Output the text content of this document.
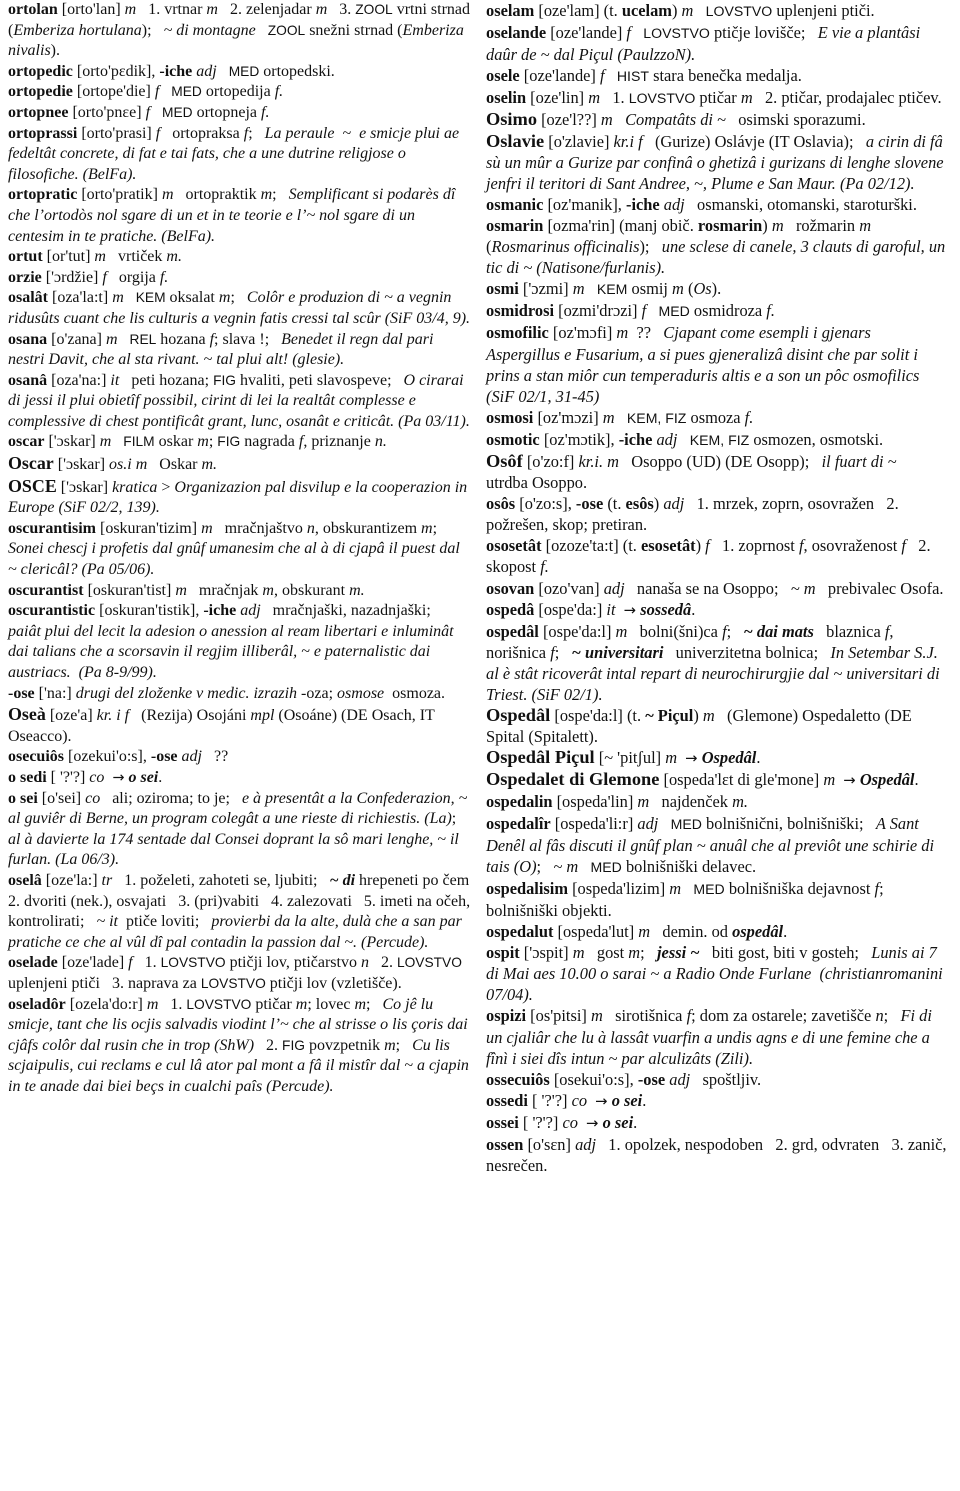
ortolan [orto'lan] m   1. vrtnar m   2. zelenjadar m   3. ZOOL vrtni strnad (Emberiza hortulana);   ~ di montagne ZOOL snežni strnad (Emberiza nivalis).

ortopedic [orto'pɛdik], -iche adj MED ortopedski.

ortopedie [ortope'die] f MED ortopedija f.

ortopnee [orto'pnɛe] f MED ortopneja f.

ortoprassi [orto'prasi] f   ortopraksa f;   La peraule  ~  e smicje plui ae fedeltât concrete, di fat e tai fats, che a une dutrine religjose o filosofiche. (BelFa).

ortopratic [orto'pratik] m   ortopraktik m;   Semplificant si podarès dî che l’ortodòs nol sgare di un et in te teorie e l’~ nol sgare di un centesim in te pratiche. (BelFa).

ortut [or'tut] m   vrtiček m.

orzie ['ɔrdžie] f   orgija f.

osalât [oza'la:t] m KEM oksalat m;   Colôr e produzion di ~ a vegnin ridusûts cuant che lis culturis a vegnin fatis cressi tal scûr (SiF 03/4, 9).

osana [o'zana] m REL hozana f; slava !;   Benedet il regn dal pari nestri Davit, che al sta rivant. ~ tal plui alt! (glesie).

osanâ [oza'na:] it   peti hozana; FIG hvaliti, peti slavospeve;   O cirarai di jessi il plui obietîf possibil, cirint di lei la realtât complesse e complessive di chest pontificât grant, lunc, osanât e criticât. (Pa 03/11).

oscar ['ɔskar] m FILM oskar m; FIG nagrada f, priznanje n.

Oscar ['ɔskar] os.i m   Oskar m.

OSCE ['ɔskar] kratica > Organizazion pal disvilup e la cooperazion in Europe (SiF 02/2, 139).

oscurantisim [oskuran'tizim] m   mračnjaštvo n, obskurantizem m;   Sonei chescj i profetis dal gnûf umanesim che al à di cjapâ il puest dal ~ clericâl? (Pa 05/06).

oscurantist [oskuran'tist] m   mračnjak m, obskurant m.

oscurantistic [oskuran'tistik], -iche adj   mračnjaški, nazadnjaški;   paiât plui del lecit la adesion o anession al ream libertari e inluminât dai talians che a scorsavin il regjim illiberâl, ~ e paternalistic dai austriacs.  (Pa 8-9/99).

-ose ['na:] drugi del zloženke v medic. izrazih -oza; osmose  osmoza.

Oseà [oze'a] kr. i f   (Rezija) Osojáni mpl (Osoáne) (DE Osach, IT Oseacco).

osecuiôs [ozekui'o:s], -ose adj   ??

o sedi [ '?'?] co → o sei.

o sei [o'sei] co   ali; oziroma; to je;   e à presentât a la Confederazion, ~ al guviêr di Berne, un program colegât a une rieste di richiestis. (La);   al à davierte la 174 sentade dal Consei doprant la sô mari lenghe, ~ il furlan. (La 06/3).

oselâ [oze'la:] tr   1. poželeti, zahoteti se, ljubiti;   ~ di hrepeneti po čem   2. dvoriti (nek.), osvajati   3. (pri)vabiti   4. zalezovati   5. imeti na očeh, kontrolirati;   ~ it  ptiče loviti;   provierbi da la alte, dulà che a san par pratiche ce che al vûl dî pal contadin la passion dal ~. (Percude).

oselade [oze'lade] f   1. LOVSTVO ptičji lov, ptičarstvo n   2. LOVSTVO uplenjeni ptiči   3. naprava za LOVSTVO ptičji lov (vzletišče).

oseladôr [ozela'do:r] m   1. LOVSTVO ptičar m; lovec m;   Co jê lu smicje, tant che lis ocjis salvadis viodint l’~ che al strisse o lis çoris dai cjâfs colôr dal rusin che in trop (ShW)   2. FIG povzpetnik m;   Cu lis scjaipulis, cui reclams e cul lâ ator pal mont a fâ il mistîr dal ~ a cjapin in te anade dai biei beçs in cualchi paîs (Percude).

oselam [oze'lam] (t. ucelam) m LOVSTVO uplenjeni ptiči.

oselande [oze'lande] f LOVSTVO ptičje lovišče;   E vie a plantâsi daûr de ~ dal Piçul (PaulzzoN).

osele [oze'lande] f HIST stara benečka medalja.

oselin [oze'lin] m   1. LOVSTVO ptičar m   2. ptičar, prodajalec ptičev.

Osimo [oze'l??] m Compatâts di ~   osimski sporazumi.

Oslavie [o'zlavie] kr.i f   (Gurize) Oslávje (IT Oslavia);   a cirin di fâ sù un mûr a Gurize par confinâ o ghetizâ i gurizans di lenghe slovene jenfri il teritori di Sant Andree, ~, Plume e San Maur. (Pa 02/12).

osmanic [oz'manik], -iche adj   osmanski, otomanski, staroturški.

osmarin [ozma'rin] (manj obič. rosmarin) m   rožmarin m (Rosmarinus officinalis);   une sclese di canele, 3 clauts di garoful, un tic di ~ (Natisone/furlanis).

osmi ['ɔzmi] m KEM osmij m (Os).

osmidrosi [ozmi'drɔzi] f MED osmidroza f.

osmofilic [oz'mɔfi] m  ??   Cjapant come esempli i gjenars Aspergillus e Fusarium, a si pues gjeneralizâ disint che par solit i prins a stan miôr cun temperaduris altis e a son un pôc osmofilics  (SiF 02/1, 31-45)

osmosi [oz'mɔzi] m KEM, FIZ osmoza f.

osmotic [oz'mɔtik], -iche adj KEM, FIZ osmozen, osmotski.

Osôf [o'zo:f] kr.i. m   Osoppo (UD) (DE Osopp);   il fuart di ~   utrdba Osoppo.

osôs [o'zo:s], -ose (t. esôs) adj   1. mrzek, zoprn, osovražen   2. požrešen, skop; pretiran.

ososetât [ozoze'ta:t] (t. esosetât) f   1. zoprnost f, osovraženost f   2. skopost f.

osovan [ozo'van] adj   nanaša se na Osoppo;   ~ m   prebivalec Osofa.

ospedâ [ospe'da:] it → sossedâ.

ospedâl [ospe'da:l] m   bolni(šni)ca f;   ~ dai mats   blaznica f, norišnica f;   ~ universitari   univerzitetna bolnica;   In Setembar S.J. al è stât ricoverât intal repart di neurochirurgjie dal ~ universitari di Triest. (SiF 02/1).

Ospedâl [ospe'da:l] (t. ~ Piçul) m   (Glemone) Ospedaletto (DE Spital (Spitalett).

Ospedâl Piçul [~ 'pitʃul] m → Ospedâl.

Ospedalet di Glemone [ospeda'lɛt di gle'mone] m → Ospedâl.

ospedalin [ospeda'lin] m   najdenček m.

ospedalîr [ospeda'li:r] adj MED bolnišnični, bolnišniški;   A Sant Denêl al fâs discuti il gnûf plan ~ anuâl che al previôt une schirie di tais (O);   ~ m MED bolnišniški delavec.

ospedalisim [ospeda'lizim] m MED bolnišniška dejavnost f; bolnišniški objekti.

ospedalut [ospeda'lut] m   demin. od ospedâl.

ospit ['ɔspit] m   gost m;   jessi ~   biti gost, biti v gosteh;   Lunis ai 7 di Mai aes 10.00 o sarai ~ a Radio Onde Furlane  (christianromanini 07/04).

ospizi [os'pitsi] m   sirotišnica f; dom za ostarele; zavetišče n;   Fi di un cjaliâr che lu à lassât vuarfin a undis agns e di une femine che a fînì i siei dîs intun ~ par alculizâts (Zili).

ossecuiôs [osekui'o:s], -ose adj   spoštljiv.

ossedi [ '?'?] co → o sei.

ossei [ '?'?] co → o sei.

ossen [o'sɛn] adj   1. opolzek, nespodoben   2. grd, odvraten   3. zanič, nesrečen.
